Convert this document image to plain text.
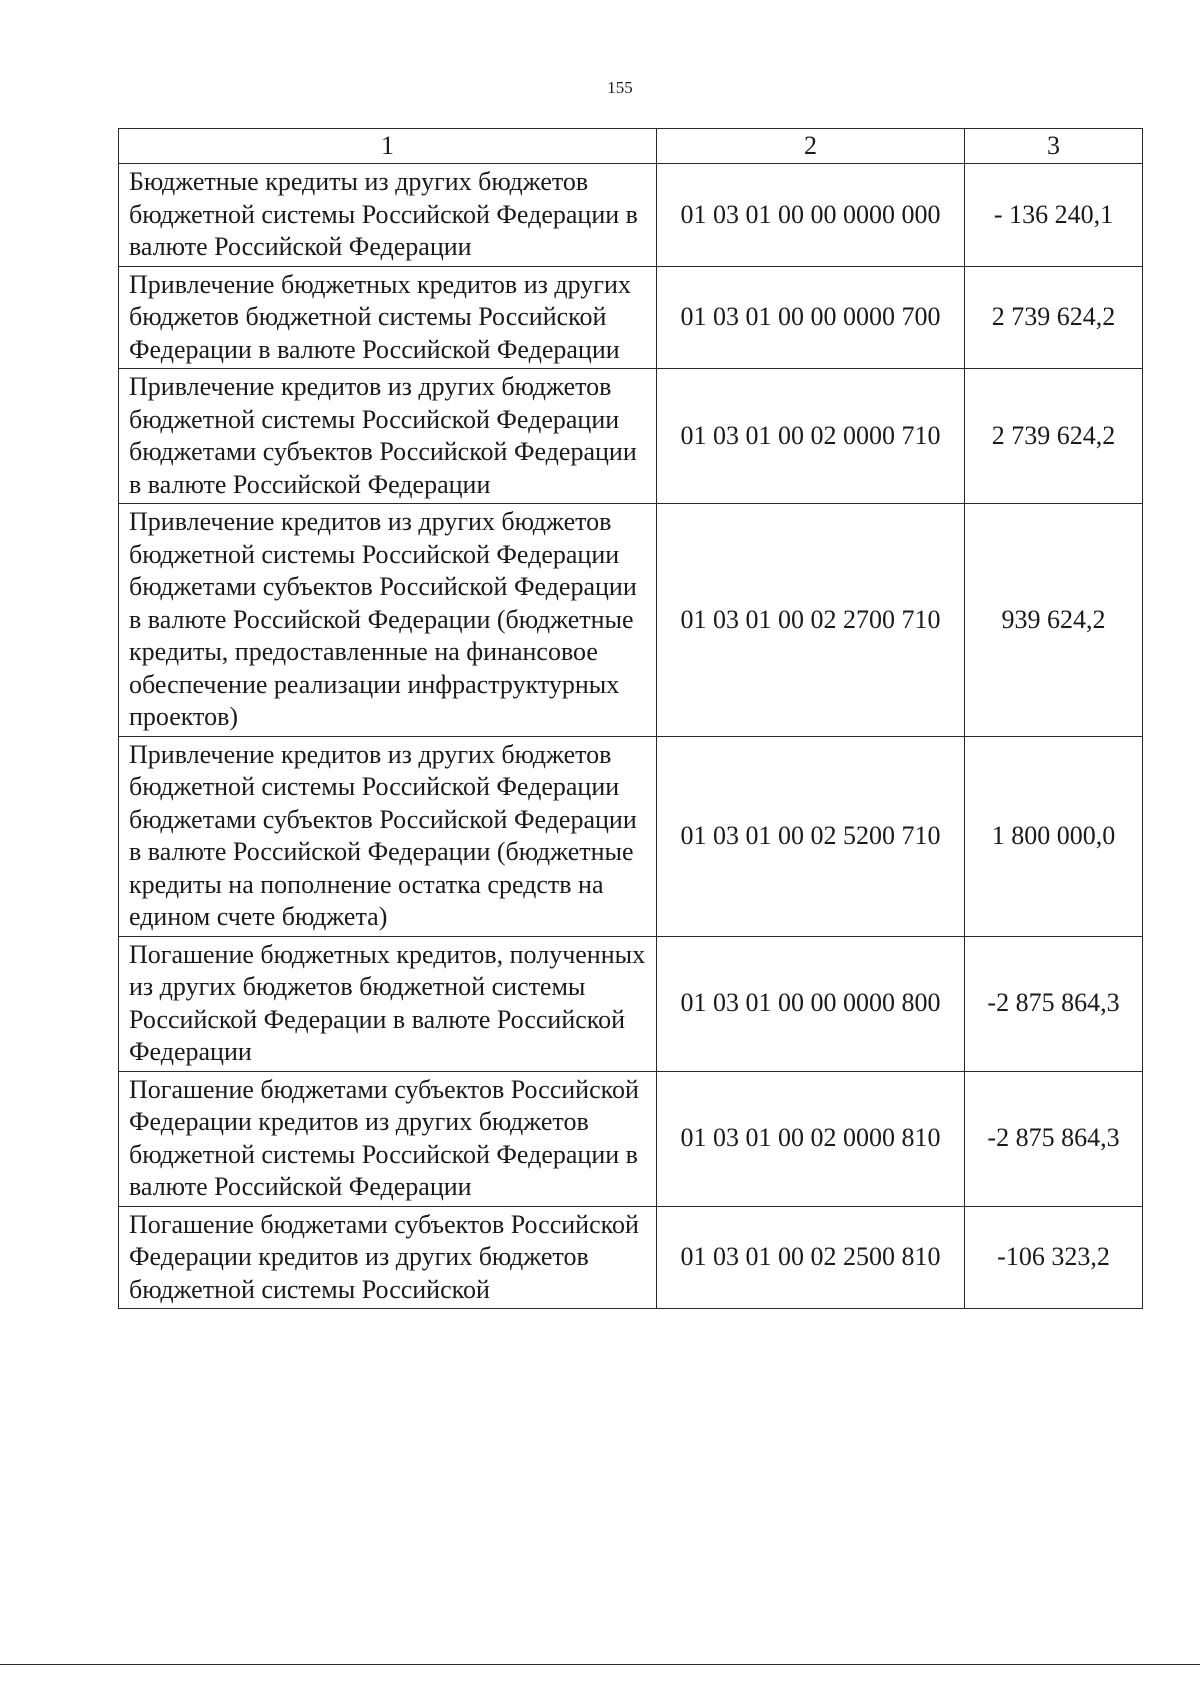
155
1	2	3
Бюджетные кредиты из других бюджетов бюджетной системы Российской Федерации в валюте Российской Федерации	01 03 01 00 00 0000 000	- 136 240,1
Привлечение бюджетных кредитов из других бюджетов бюджетной системы Российской Федерации в валюте Российской Федерации	01 03 01 00 00 0000 700	2 739 624,2
Привлечение кредитов из других бюджетов бюджетной системы Российской Федерации бюджетами субъектов Российской Федерации в валюте Российской Федерации	01 03 01 00 02 0000 710	2 739 624,2
Привлечение кредитов из других бюджетов бюджетной системы Российской Федерации бюджетами субъектов Российской Федерации в валюте Российской Федерации (бюджетные кредиты, предоставленные на финансовое обеспечение реализации инфраструктурных проектов)	01 03 01 00 02 2700 710	939 624,2
Привлечение кредитов из других бюджетов бюджетной системы Российской Федерации бюджетами субъектов Российской Федерации в валюте Российской Федерации (бюджетные кредиты на пополнение остатка средств на едином счете бюджета)	01 03 01 00 02 5200 710	1 800 000,0
Погашение бюджетных кредитов, полученных из других бюджетов бюджетной системы Российской Федерации в валюте Российской Федерации	01 03 01 00 00 0000 800	-2 875 864,3
Погашение бюджетами субъектов Российской Федерации кредитов из других бюджетов бюджетной системы Российской Федерации в валюте Российской Федерации	01 03 01 00 02 0000 810	-2 875 864,3
Погашение бюджетами субъектов Российской Федерации кредитов из других бюджетов бюджетной системы Российской	01 03 01 00 02 2500 810	-106 323,2
